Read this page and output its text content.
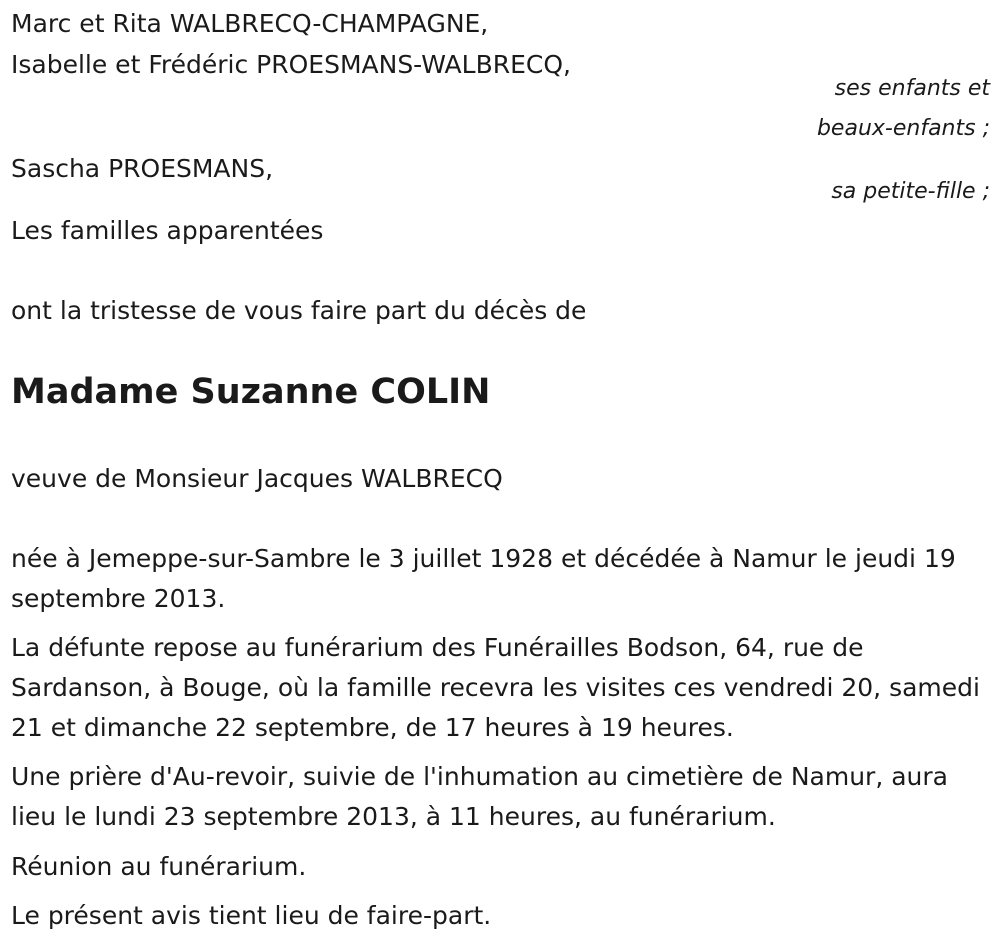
Marc et Rita WALBRECQ-CHAMPAGNE,
Isabelle et Frédéric PROESMANS-WALBRECQ,
ses enfants et
beaux-enfants ;
Sascha PROESMANS,
sa petite-fille ;
Les familles apparentées
ont la tristesse de vous faire part du décès de
Madame Suzanne COLIN
veuve de Monsieur Jacques WALBRECQ
née à Jemeppe-sur-Sambre le 3 juillet 1928 et décédée à Namur le jeudi 19 septembre 2013.
La défunte repose au funérarium des Funérailles Bodson, 64, rue de Sardanson, à Bouge, où la famille recevra les visites ces vendredi 20, samedi 21 et dimanche 22 septembre, de 17 heures à 19 heures.
Une prière d'Au-revoir, suivie de l'inhumation au cimetière de Namur, aura lieu le lundi 23 septembre 2013, à 11 heures, au funérarium.
Réunion au funérarium.
Le présent avis tient lieu de faire-part.
